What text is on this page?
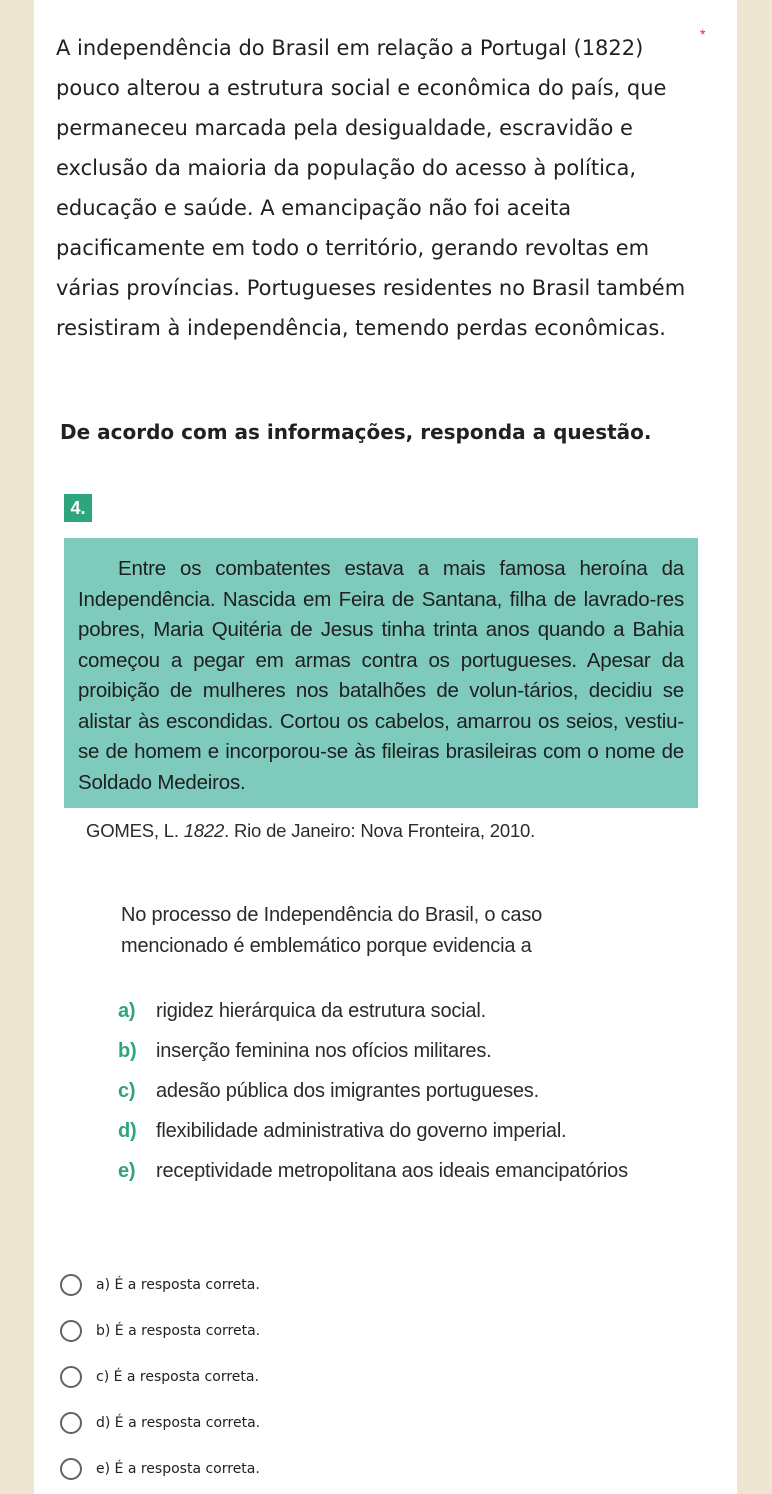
A independência do Brasil em relação a Portugal (1822) pouco alterou a estrutura social e econômica do país, que permaneceu marcada pela desigualdade, escravidão e exclusão da maioria da população do acesso à política, educação e saúde. A emancipação não foi aceita pacificamente em todo o território, gerando revoltas em várias províncias. Portugueses residentes no Brasil também resistiram à independência, temendo perdas econômicas.

*

De acordo com as informações, responda a questão.

4.

Entre os combatentes estava a mais famosa heroína da Independência. Nascida em Feira de Santana, filha de lavrado-res pobres, Maria Quitéria de Jesus tinha trinta anos quando a Bahia começou a pegar em armas contra os portugueses. Apesar da proibição de mulheres nos batalhões de volun-tários, decidiu se alistar às escondidas. Cortou os cabelos, amarrou os seios, vestiu-se de homem e incorporou-se às fileiras brasileiras com o nome de Soldado Medeiros.

GOMES, L. 1822. Rio de Janeiro: Nova Fronteira, 2010.

No processo de Independência do Brasil, o caso mencionado é emblemático porque evidencia a

a) rigidez hierárquica da estrutura social.
b) inserção feminina nos ofícios militares.
c) adesão pública dos imigrantes portugueses.
d) flexibilidade administrativa do governo imperial.
e) receptividade metropolitana aos ideais emancipatórios
a) É a resposta correta.
b) É a resposta correta.
c) É a resposta correta.
d) É a resposta correta.
e) É a resposta correta.
